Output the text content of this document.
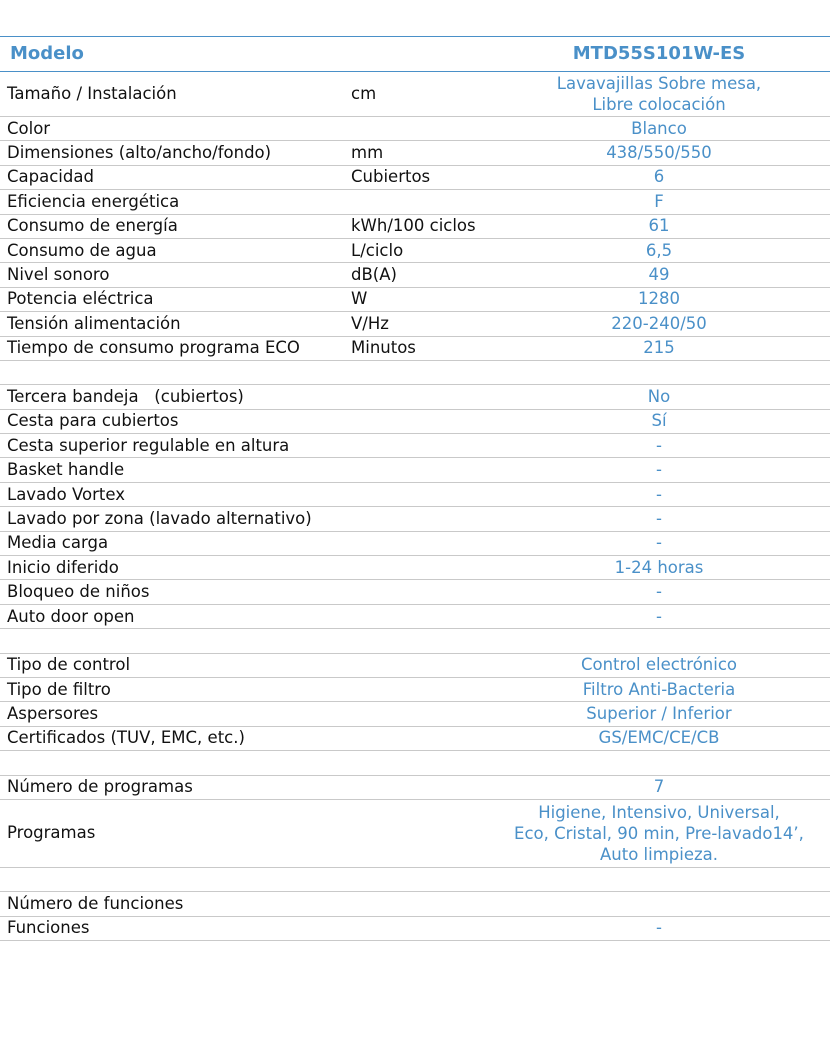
Modelo		MTD55S101W-ES
Tamaño / Instalación	cm	Lavavajillas Sobre mesa,
Libre colocación
Color		Blanco
Dimensiones (alto/ancho/fondo)	mm	438/550/550
Capacidad	Cubiertos	6
Eficiencia energética		F
Consumo de energía	kWh/100 ciclos	61
Consumo de agua	L/ciclo	6,5
Nivel sonoro	dB(A)	49
Potencia eléctrica	W	1280
Tensión alimentación	V/Hz	220-240/50
Tiempo de consumo programa ECO	Minutos	215

Tercera bandeja   (cubiertos)		No
Cesta para cubiertos		Sí
Cesta superior regulable en altura		-
Basket handle		-
Lavado Vortex		-
Lavado por zona (lavado alternativo)		-
Media carga		-
Inicio diferido		1-24 horas
Bloqueo de niños		-
Auto door open		-

Tipo de control		Control electrónico
Tipo de filtro		Filtro Anti-Bacteria
Aspersores		Superior / Inferior
Certificados (TUV, EMC, etc.)		GS/EMC/CE/CB

Número de programas		7
Programas		Higiene, Intensivo, Universal,
Eco, Cristal, 90 min, Pre-lavado14’,
Auto limpieza.

Número de funciones		
Funciones		-
